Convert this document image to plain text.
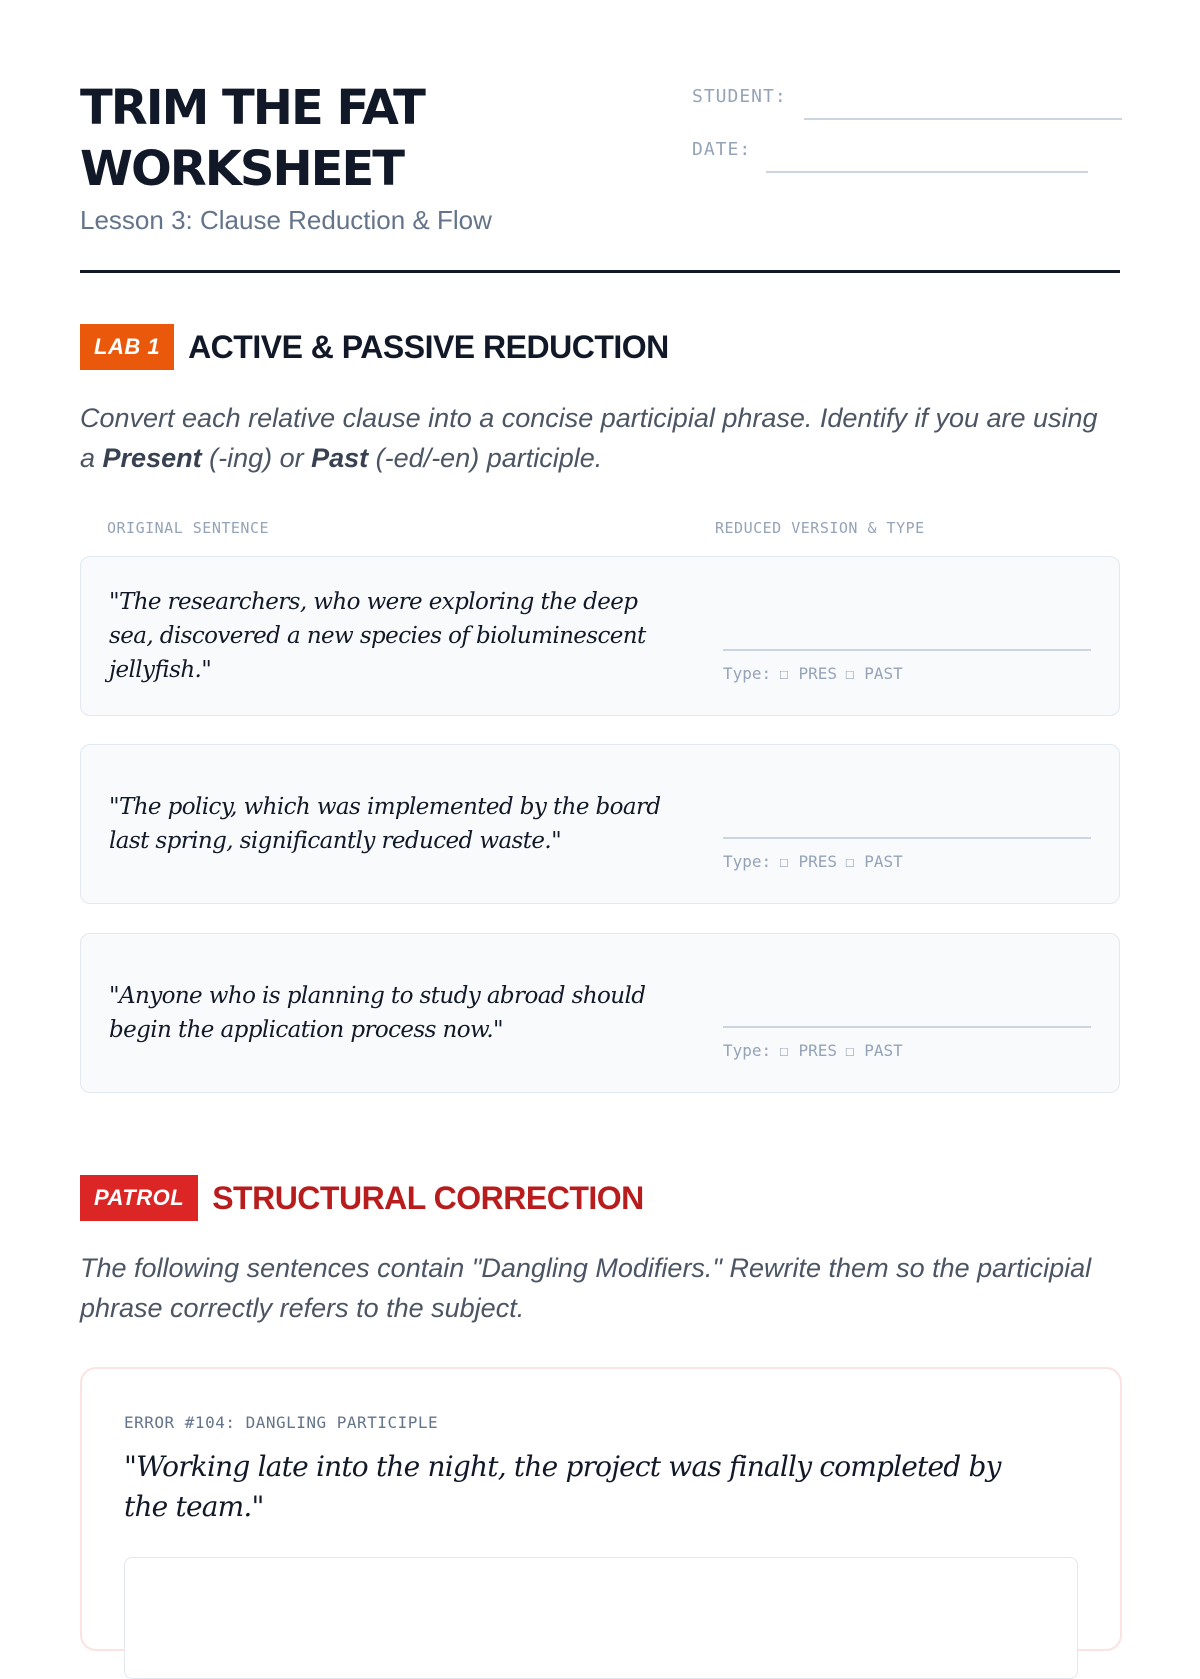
TRIM THE FAT WORKSHEET
Lesson 3: Clause Reduction & Flow
STUDENT:
DATE:
LAB 1 ACTIVE & PASSIVE REDUCTION

Convert each relative clause into a concise participial phrase. Identify if you are using a Present (-ing) or Past (-ed/-en) participle.

ORIGINAL SENTENCE	REDUCED VERSION & TYPE

"The researchers, who were exploring the deep sea, discovered a new species of bioluminescent jellyfish."	Type: ☐ PRES ☐ PAST

"The policy, which was implemented by the board last spring, significantly reduced waste."

Type: ☐ PRES ☐ PAST

"Anyone who is planning to study abroad should begin the application process now."

Type: ☐ PRES ☐ PAST
PATROL STRUCTURAL CORRECTION

The following sentences contain "Dangling Modifiers." Rewrite them so the participial phrase correctly refers to the subject.

ERROR #104: DANGLING PARTICIPLE

"Working late into the night, the project was finally completed by the team."
